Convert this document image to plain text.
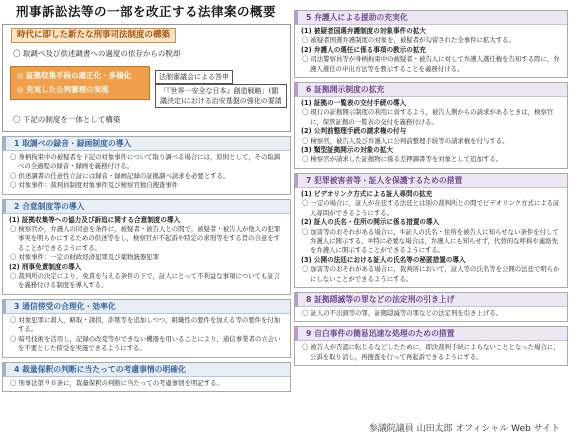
刑事訴訟法等の一部を改正する法律案の概要
時代に即した新たな刑事司法制度の構築
〇 取調べ及び供述調書への過度の依存からの脱却
◎ 証拠収集手段の適正化・多様化
◎ 充実した公判審理の実現
法制審議会による答申
「『世界一安全な日本』創造戦略」(閣議決定)における治安基盤の強化の要請
〇 下記の制度を一体として構築
1 取調べの録音・録画制度の導入
〇 身柄拘束中の被疑者を下記の対象事件について取り調べる場合には，原則として，その取調べの全過程の録音・録画を義務付ける。
〇 供述調書の任意性立証には録音・録画記録の証拠調べ請求を必要とする。
〇 対象事件：裁判員制度対象事件及び検察官独自捜査事件
2 合意制度等の導入
(1) 証拠収集等への協力及び訴追に関する合意制度の導入
〇 検察官が，弁護人の同意を条件に，被疑者・被告人との間で，被疑者・被告人が他人の犯罪事実を明らかにするための供述等をし，検察官が不起訴や特定の求刑等をする旨の合意をすることができるようにする。
〇 対象事件：一定の財政経済犯罪及び薬物銃器犯罪
(2) 刑事免責制度の導入
〇 裁判所の決定により，免責を与える条件の下で，証人にとって不利益な事項についても証言を義務付ける制度を導入する。
3 通信傍受の合理化・効率化
〇 対象犯罪に殺人，略取・誘拐，詐欺等を追加しつつ，組織性の要件を加える等の要件を付加する。
〇 暗号技術を活用し，記録の改変等ができない機器を用いることにより，通信事業者の立会いを不要とした傍受を実施できるようにする。
4 裁量保釈の判断に当たっての考慮事情の明確化
〇 刑事法第９０条に，裁量保釈の判断に当たっての考慮事情を明記する。
5 弁護人による援助の充実化
(1) 被疑者国選弁護制度の対象事件の拡大
〇 被疑者国選弁護制度の対象を，被疑者が勾留された全事件に拡大する。
(2) 弁護人の選任に係る事項の教示の拡充
〇 司法警察員等が身柄拘束中の被疑者・被告人に対して弁護人選任権を告知する際に，弁護人選任の申出方法等を教示することを義務付ける。
6 証拠開示制度の拡充
(1) 証拠の一覧表の交付手続の導入
〇 現行の証拠開示制度の利用に資するよう，被告人側からの請求があるときは，検察官に，保管証拠の一覧表の交付を義務付ける。
(2) 公判前整理手続の請求権の付与
〇 検察官，被告人及び弁護人に公判前整理手続等の請求権を付与する。
(3) 類型証拠開示の対象の拡大
〇 検察官が請求した証拠物に係る差押調書等を対象として追加する。
7 犯罪被害者等・証人を保護するための措置
(1) ビデオリンク方式による証人尋問の拡充
〇 一定の場合に，証人が在廷する法廷とは別の裁判所との間でビデオリンク方式による証人尋問ができるようにする。
(2) 証人の氏名・住所の開示に係る措置の導入
〇 加害等のおそれがある場合に，①証人の氏名・住所を被告人に知らせない条件を付して弁護人に開示する，②特に必要な場合は，弁護人にも知らせず，代替的な呼称や連絡先を弁護人に開示することができるようにする。
(3) 公開の法廷における証人の氏名等の秘匿措置の導入
〇 加害等のおそれがある場合に，裁判所において，証人等の氏名等を公開の法廷で明らかにしないことができるようにする。
8 証拠隠滅等の罪などの法定刑の引き上げ
〇 証人の不出頭等の罪，証拠隠滅等の罪などの法定刑を引き上げる。
9 自白事件の簡易迅速な処理のための措置
〇 被告人が否認に転じるなどしたために，即決裁判手続によらないこととなった場合に，公訴を取り消し，再捜査を行って再起訴できるようにする。
参議院議員 山田太郎 オフィシャル Web サイト
